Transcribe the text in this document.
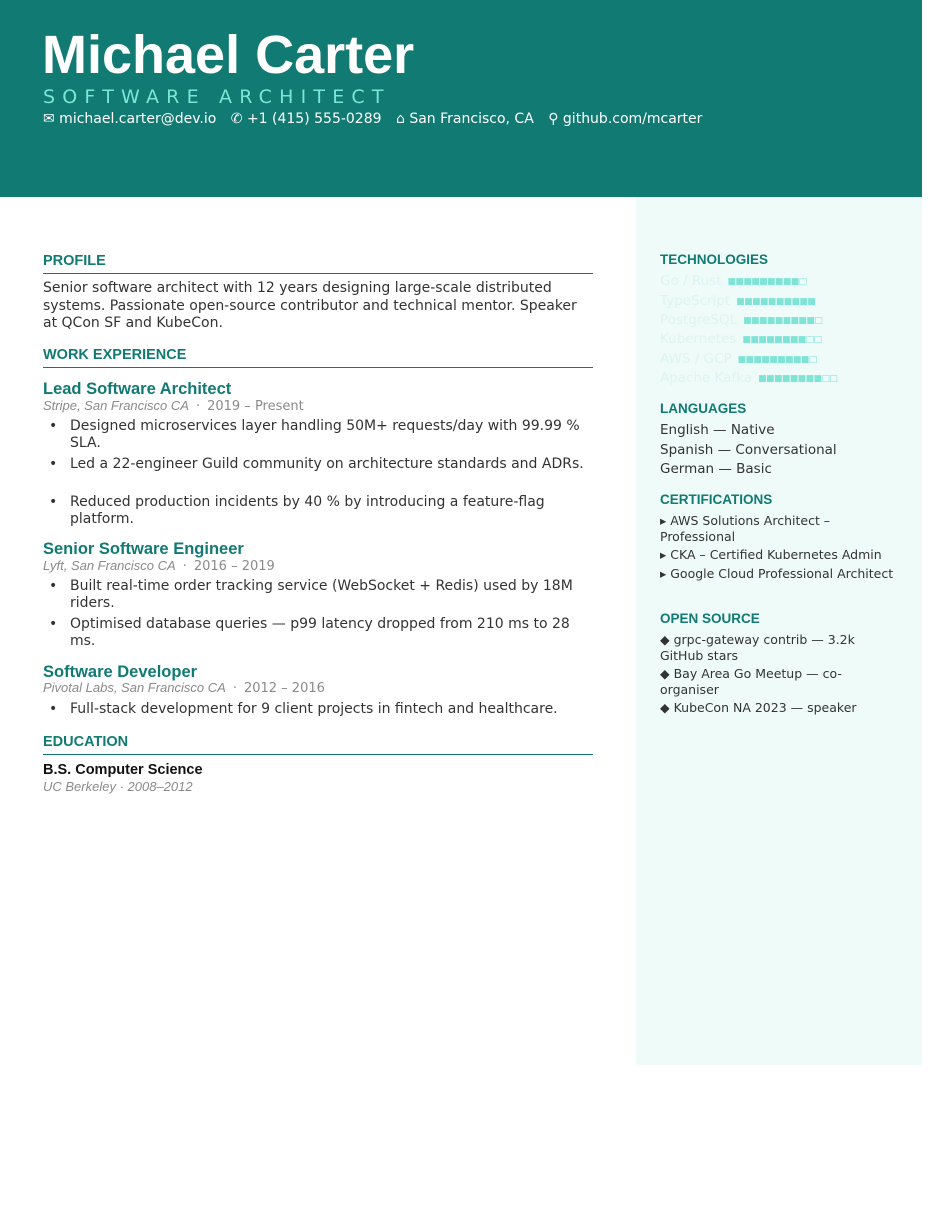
Michael Carter
SOFTWARE ARCHITECT
✉ michael.carter@dev.io ✆ +1 (415) 555-0289 ⌂ San Francisco, CA ⚲ github.com/mcarter
PROFILE
Senior software architect with 12 years designing large-scale distributed systems. Passionate open-source contributor and technical mentor. Speaker at QCon SF and KubeCon.
WORK EXPERIENCE
Lead Software Architect
Stripe, San Francisco CA · 2019 – Present
• Designed microservices layer handling 50M+ requests/day with 99.99 % SLA.
• Led a 22-engineer Guild community on architecture standards and ADRs.
• Reduced production incidents by 40 % by introducing a feature-flag platform.
Senior Software Engineer
Lyft, San Francisco CA · 2016 – 2019
• Built real-time order tracking service (WebSocket + Redis) used by 18M riders.
• Optimised database queries — p99 latency dropped from 210 ms to 28 ms.
Software Developer
Pivotal Labs, San Francisco CA · 2012 – 2016
• Full-stack development for 9 client projects in fintech and healthcare.
EDUCATION
B.S. Computer Science
UC Berkeley · 2008–2012
TECHNOLOGIES
Go / Rust ■■■■■■■■■□
TypeScript ■■■■■■■■■■
PostgreSQL ■■■■■■■■■□
Kubernetes ■■■■■■■■□□
AWS / GCP ■■■■■■■■■□
Apache Kafka ■■■■■■■■□□
LANGUAGES
English — Native
Spanish — Conversational
German — Basic
CERTIFICATIONS
▸ AWS Solutions Architect – Professional
▸ CKA – Certified Kubernetes Admin
▸ Google Cloud Professional Architect
OPEN SOURCE
◆ grpc-gateway contrib — 3.2k GitHub stars
◆ Bay Area Go Meetup — co-organiser
◆ KubeCon NA 2023 — speaker
